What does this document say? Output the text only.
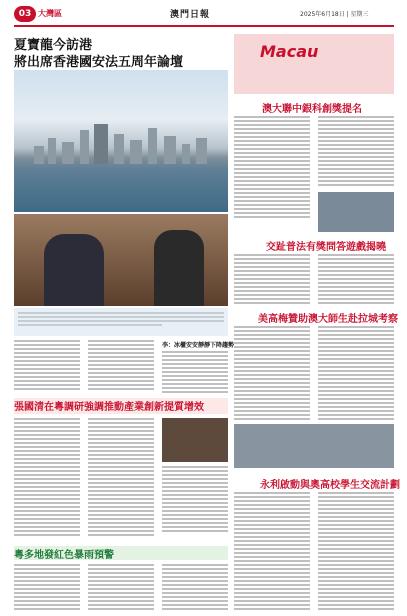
03 大灣區	澳門日報	2025年6月18日 | 星期三
夏寶龍今訪港
將出席香港國安法五周年論壇
李：冰櫃安安靜靜下降趨勢
張國清在粵調研強調推動產業創新提質增效
粵多地發紅色暴雨預警
Macau
澳大聯中銀科創獎提名
交趾普法有獎問答遊戲揭曉
美高梅贊助澳大師生赴拉城考察
永利啟動與奧高校學生交流計劃
